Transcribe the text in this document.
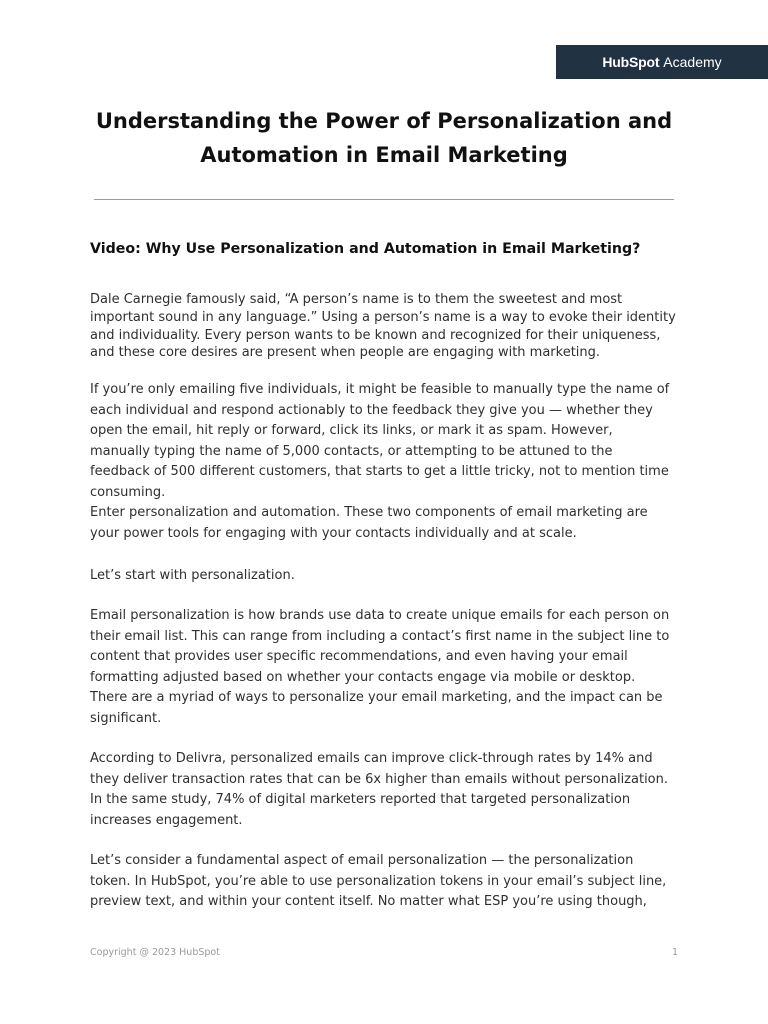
HubSpot Academy
Understanding the Power of Personalization and Automation in Email Marketing
Video: Why Use Personalization and Automation in Email Marketing?

Dale Carnegie famously said, “A person’s name is to them the sweetest and most important sound in any language.” Using a person’s name is a way to evoke their identity and individuality. Every person wants to be known and recognized for their uniqueness, and these core desires are present when people are engaging with marketing.

If you’re only emailing five individuals, it might be feasible to manually type the name of each individual and respond actionably to the feedback they give you — whether they open the email, hit reply or forward, click its links, or mark it as spam. However, manually typing the name of 5,000 contacts, or attempting to be attuned to the feedback of 500 different customers, that starts to get a little tricky, not to mention time consuming.

Enter personalization and automation. These two components of email marketing are your power tools for engaging with your contacts individually and at scale.

Let’s start with personalization.

Email personalization is how brands use data to create unique emails for each person on their email list. This can range from including a contact’s first name in the subject line to content that provides user specific recommendations, and even having your email formatting adjusted based on whether your contacts engage via mobile or desktop. There are a myriad of ways to personalize your email marketing, and the impact can be significant.

According to Delivra, personalized emails can improve click-through rates by 14% and they deliver transaction rates that can be 6x higher than emails without personalization. In the same study, 74% of digital marketers reported that targeted personalization increases engagement.

Let’s consider a fundamental aspect of email personalization — the personalization token. In HubSpot, you’re able to use personalization tokens in your email’s subject line, preview text, and within your content itself. No matter what ESP you’re using though,

Copyright @ 2023 HubSpot	1
